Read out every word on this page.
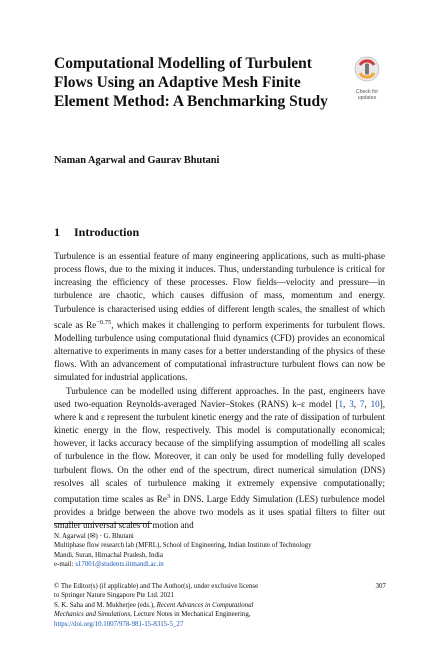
Computational Modelling of Turbulent Flows Using an Adaptive Mesh Finite Element Method: A Benchmarking Study
Check for
updates
Naman Agarwal and Gaurav Bhutani
1 Introduction

Turbulence is an essential feature of many engineering applications, such as multi-phase process flows, due to the mixing it induces. Thus, understanding turbulence is critical for increasing the efficiency of these processes. Flow fields—velocity and pressure—in turbulence are chaotic, which causes diffusion of mass, momentum and energy. Turbulence is characterised using eddies of different length scales, the smallest of which scale as $Re^{-0.75}$, which makes it challenging to perform experiments for turbulent flows. Modelling turbulence using computational fluid dynamics (CFD) provides an economical alternative to experiments in many cases for a better understanding of the physics of these flows. With an advancement of computational infrastructure turbulent flows can now be simulated for industrial applications.

Turbulence can be modelled using different approaches. In the past, engineers have used two-equation Reynolds-averaged Navier–Stokes (RANS) k–ε model [1, 3, 7, 10], where k and ε represent the turbulent kinetic energy and the rate of dissipation of turbulent kinetic energy in the flow, respectively. This model is computationally economical; however, it lacks accuracy because of the simplifying assumption of modelling all scales of turbulence in the flow. Moreover, it can only be used for modelling fully developed turbulent flows. On the other end of the spectrum, direct numerical simulation (DNS) resolves all scales of turbulence making it extremely expensive computationally; computation time scales as Re$^3$ in DNS. Large Eddy Simulation (LES) turbulence model provides a bridge between the above two models as it uses spatial filters to filter out smaller universal scales of motion and

N. Agarwal (✉) · G. Bhutani
Multiphase flow research lab (MFRL), School of Engineering, Indian Institute of Technology
Mandi, Suran, Himachal Pradesh, India
e-mail: s17001@students.iitmandi.ac.in
© The Editor(s) (if applicable) and The Author(s), under exclusive license
to Springer Nature Singapore Pte Ltd. 2021
S. K. Saha and M. Mukherjee (eds.), Recent Advances in Computational
Mechanics and Simulations, Lecture Notes in Mechanical Engineering,
https://doi.org/10.1007/978-981-15-8315-5_27
307
